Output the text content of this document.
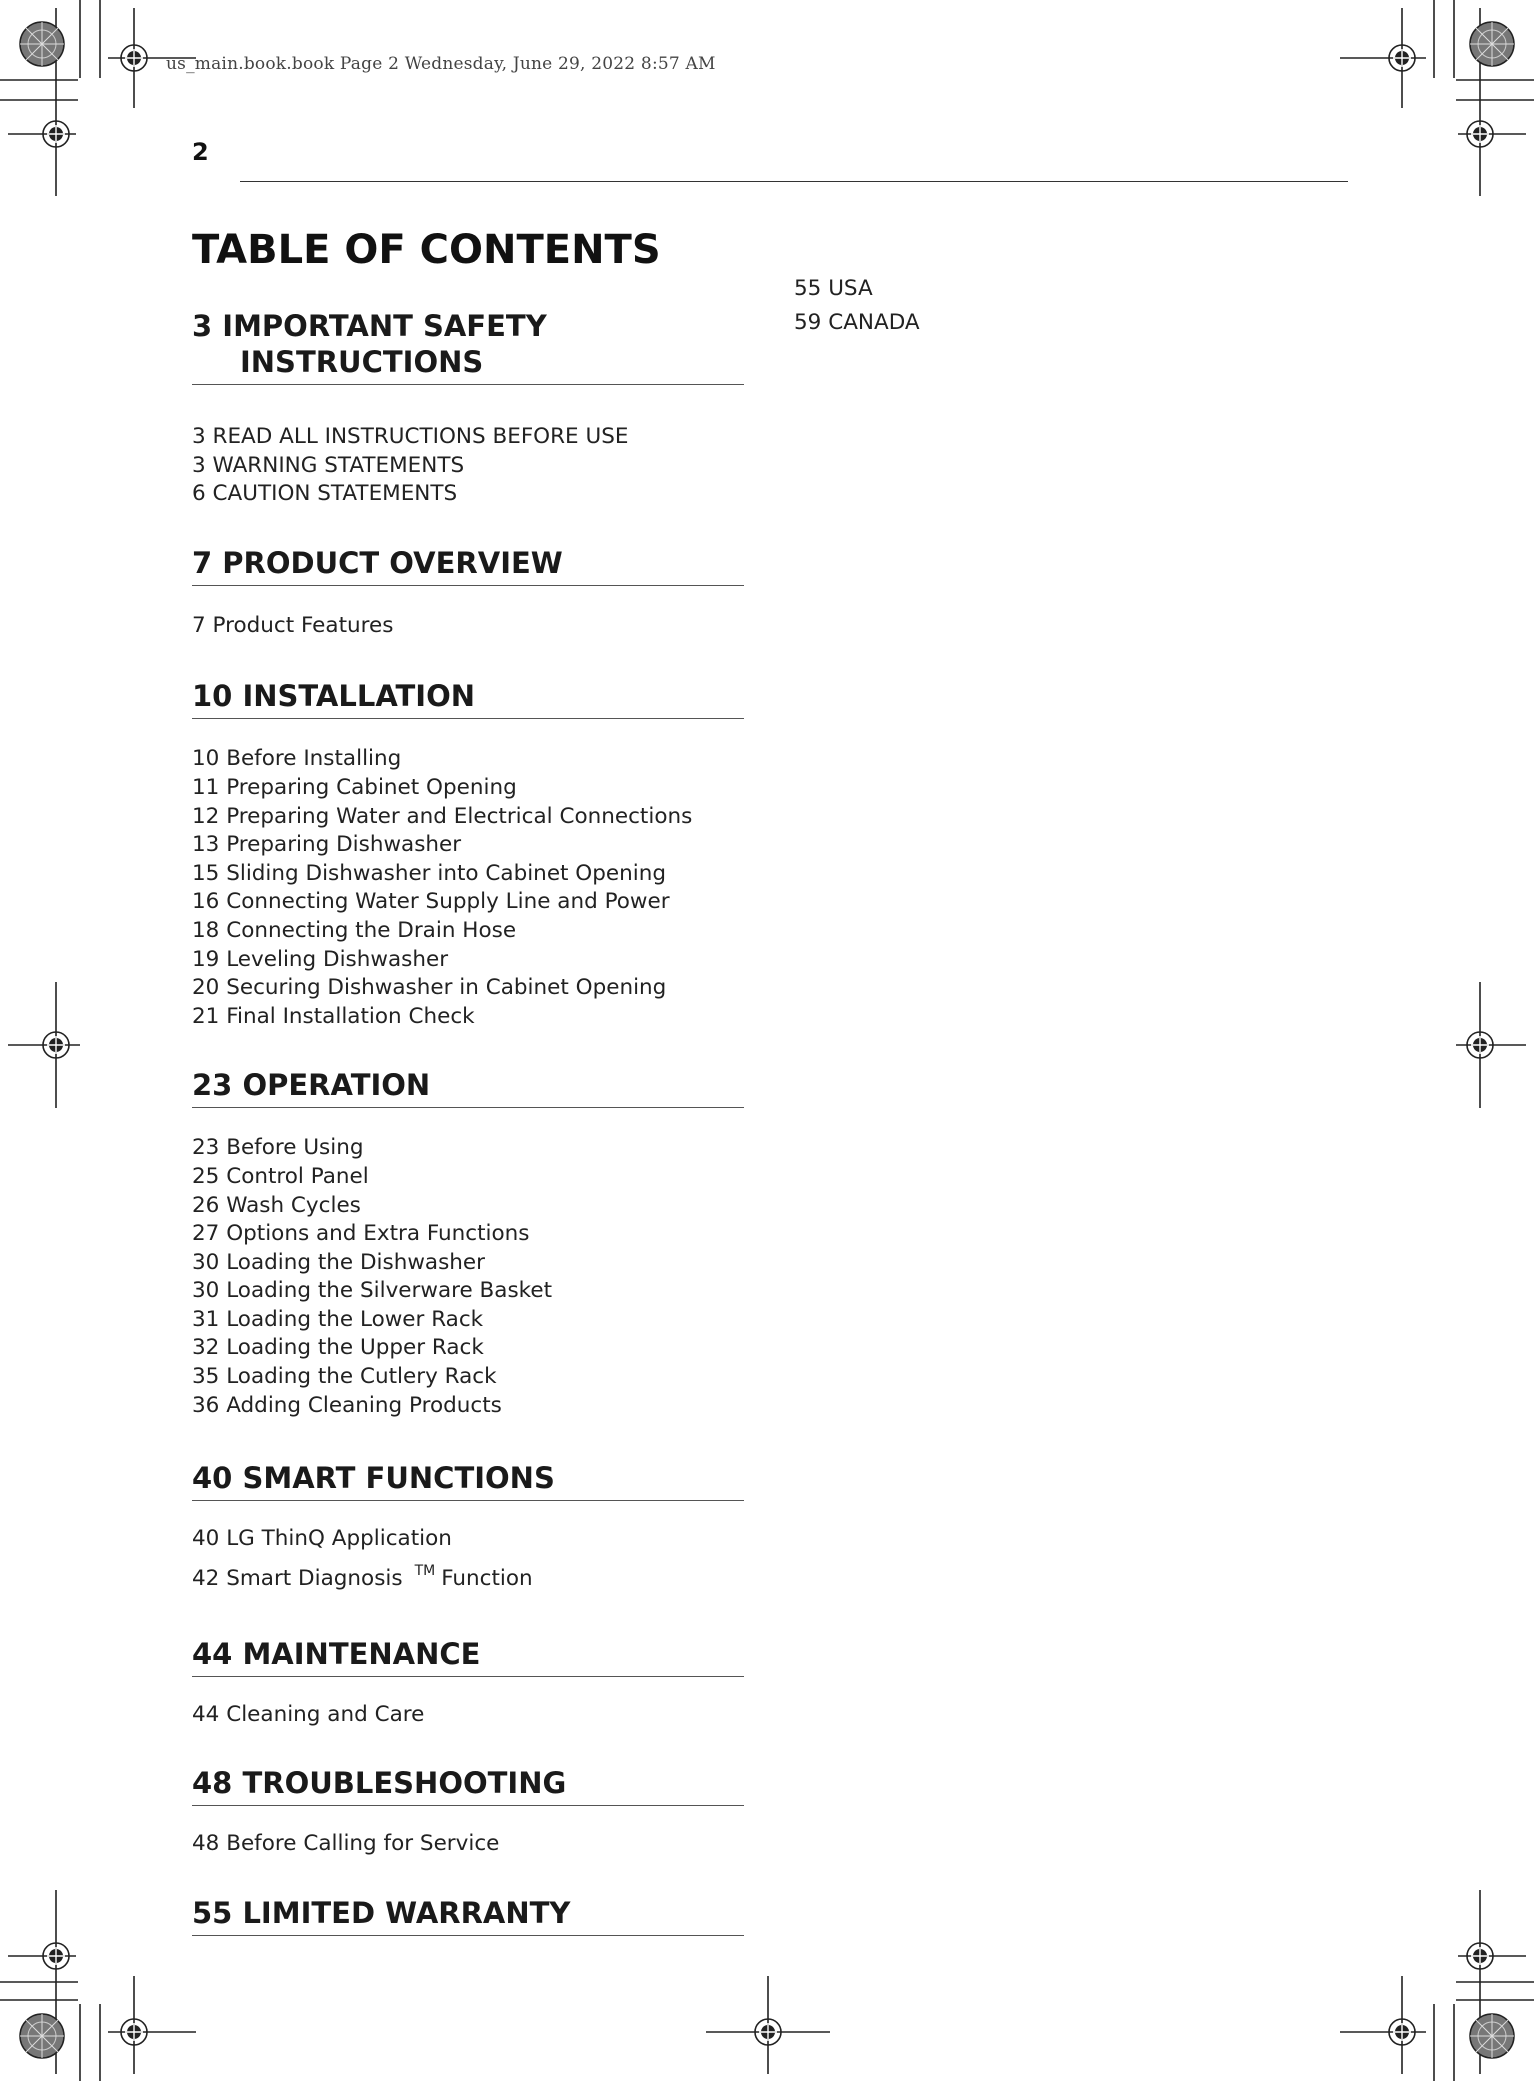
us_main.book.book Page 2 Wednesday, June 29, 2022 8:57 AM
2
TABLE OF CONTENTS
3 IMPORTANT SAFETY
INSTRUCTIONS
3 READ ALL INSTRUCTIONS BEFORE USE
3 WARNING STATEMENTS
6 CAUTION STATEMENTS
7 PRODUCT OVERVIEW
7 Product Features
10 INSTALLATION
10 Before Installing
11 Preparing Cabinet Opening
12 Preparing Water and Electrical Connections
13 Preparing Dishwasher
15 Sliding Dishwasher into Cabinet Opening
16 Connecting Water Supply Line and Power
18 Connecting the Drain Hose
19 Leveling Dishwasher
20 Securing Dishwasher in Cabinet Opening
21 Final Installation Check
23 OPERATION
23 Before Using
25 Control Panel
26 Wash Cycles
27 Options and Extra Functions
30 Loading the Dishwasher
30 Loading the Silverware Basket
31 Loading the Lower Rack
32 Loading the Upper Rack
35 Loading the Cutlery Rack
36 Adding Cleaning Products
40 SMART FUNCTIONS
40 LG ThinQ Application
42 Smart Diagnosis ™ Function
44 MAINTENANCE
44 Cleaning and Care
48 TROUBLESHOOTING
48 Before Calling for Service
55 LIMITED WARRANTY
55 USA
59 CANADA
